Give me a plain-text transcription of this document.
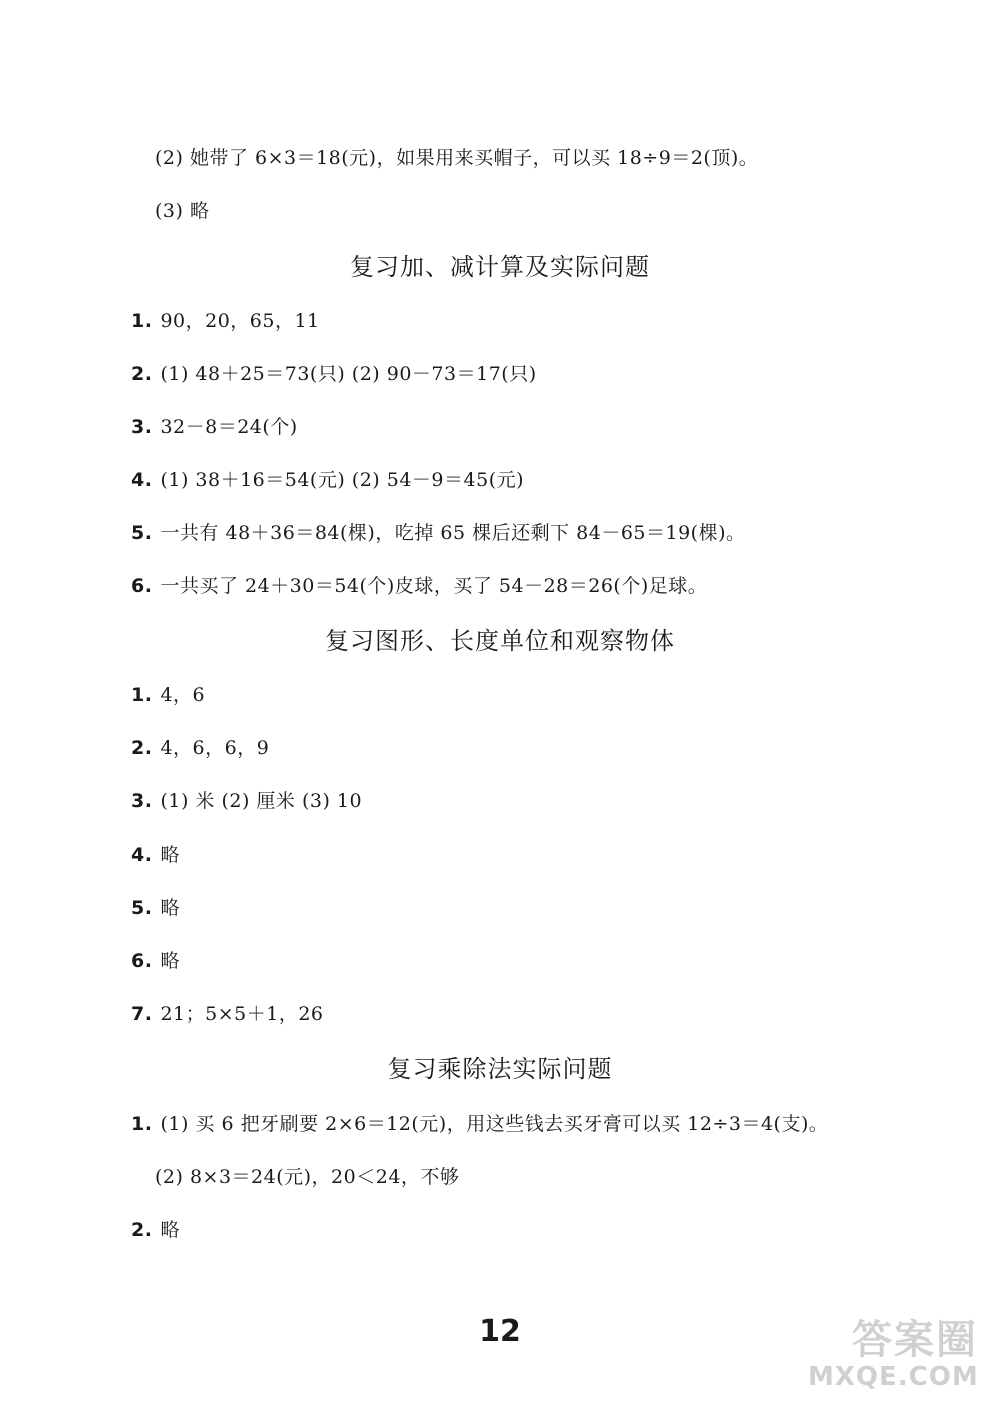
(2) 她带了 6×3＝18(元)，如果用来买帽子，可以买 18÷9＝2(顶)。
(3) 略
复习加、减计算及实际问题
1. 90，20，65，11
2. (1) 48＋25＝73(只) (2) 90－73＝17(只)
3. 32－8＝24(个)
4. (1) 38＋16＝54(元) (2) 54－9＝45(元)
5. 一共有 48＋36＝84(棵)，吃掉 65 棵后还剩下 84－65＝19(棵)。
6. 一共买了 24＋30＝54(个)皮球，买了 54－28＝26(个)足球。
复习图形、长度单位和观察物体
1. 4，6
2. 4，6，6，9
3. (1) 米 (2) 厘米 (3) 10
4. 略
5. 略
6. 略
7. 21；5×5＋1，26
复习乘除法实际问题
1. (1) 买 6 把牙刷要 2×6＝12(元)，用这些钱去买牙膏可以买 12÷3＝4(支)。
(2) 8×3＝24(元)，20＜24，不够
2. 略
12	答案圈
MXQE.COM
